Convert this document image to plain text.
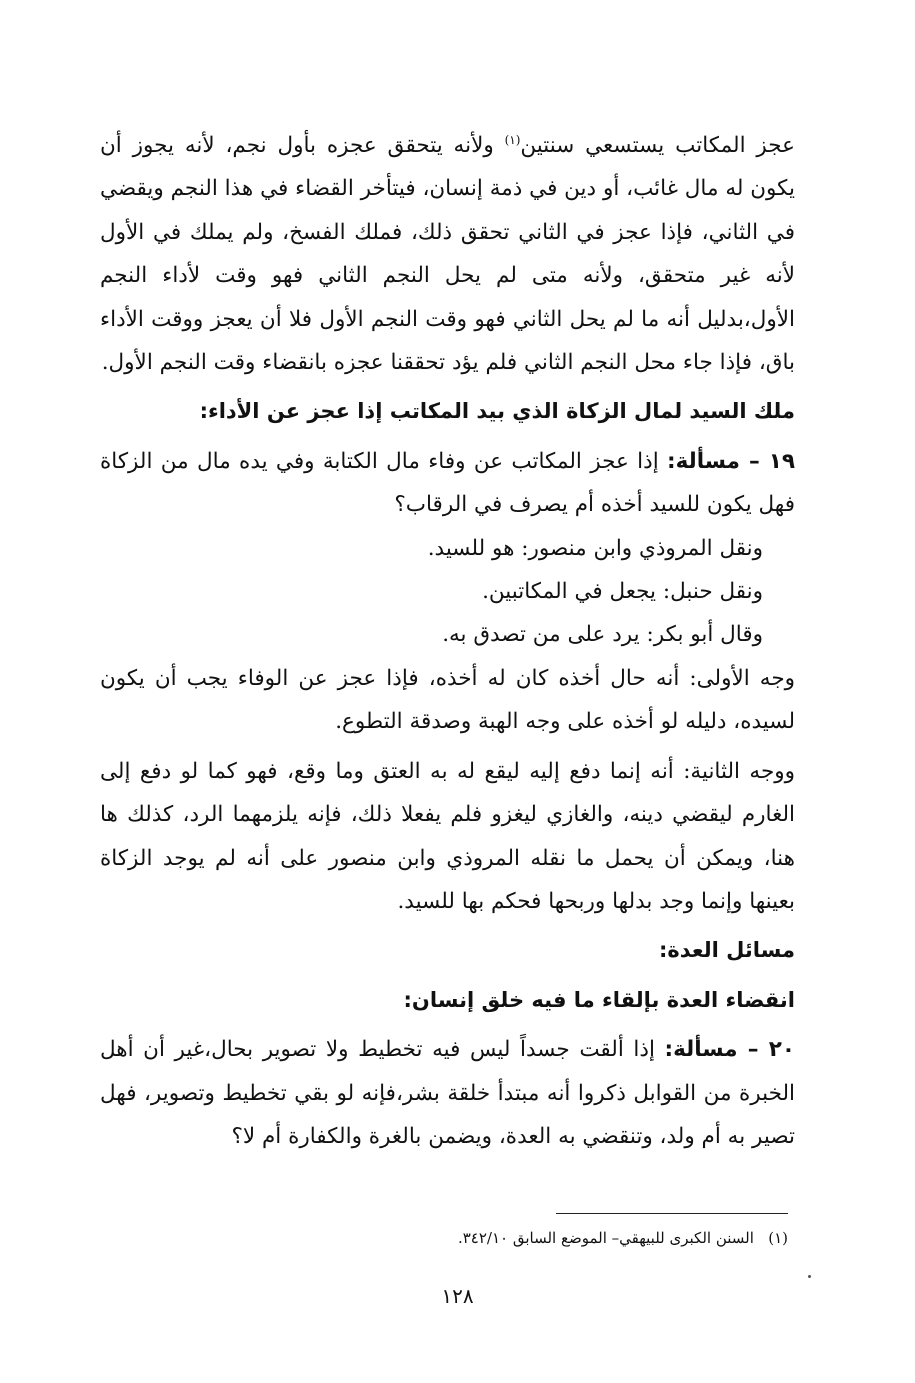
عجز المكاتب يستسعي سنتين$^{(١)}$ ولأنه يتحقق عجزه بأول نجم، لأنه يجوز أن يكون له مال غائب، أو دين في ذمة إنسان، فيتأخر القضاء في هذا النجم ويقضي في الثاني، فإذا عجز في الثاني تحقق ذلك، فملك الفسخ، ولم يملك في الأول لأنه غير متحقق، ولأنه متى لم يحل النجم الثاني فهو وقت لأداء النجم الأول،بدليل أنه ما لم يحل الثاني فهو وقت النجم الأول فلا أن يعجز ووقت الأداء باق، فإذا جاء محل النجم الثاني فلم يؤد تحققنا عجزه بانقضاء وقت النجم الأول.

ملك السيد لمال الزكاة الذي بيد المكاتب إذا عجز عن الأداء:

١٩ – مسألة: إذا عجز المكاتب عن وفاء مال الكتابة وفي يده مال من الزكاة فهل يكون للسيد أخذه أم يصرف في الرقاب؟

ونقل المروذي وابن منصور: هو للسيد.
ونقل حنبل: يجعل في المكاتبين.
وقال أبو بكر: يرد على من تصدق به.

وجه الأولى: أنه حال أخذه كان له أخذه، فإذا عجز عن الوفاء يجب أن يكون لسيده، دليله لو أخذه على وجه الهبة وصدقة التطوع.

ووجه الثانية: أنه إنما دفع إليه ليقع له به العتق وما وقع، فهو كما لو دفع إلى الغارم ليقضي دينه، والغازي ليغزو فلم يفعلا ذلك، فإنه يلزمهما الرد، كذلك ها هنا، ويمكن أن يحمل ما نقله المروذي وابن منصور على أنه لم يوجد الزكاة بعينها وإنما وجد بدلها وربحها فحكم بها للسيد.

مسائل العدة:
انقضاء العدة بإلقاء ما فيه خلق إنسان:

٢٠ – مسألة: إذا ألقت جسداً ليس فيه تخطيط ولا تصوير بحال،غير أن أهل الخبرة من القوابل ذكروا أنه مبتدأ خلقة بشر،فإنه لو بقي تخطيط وتصوير، فهل تصير به أم ولد، وتنقضي به العدة، ويضمن بالغرة والكفارة أم لا؟

(١)   السنن الكبرى للبيهقي– الموضع السابق ٣٤٢/١٠.
١٢٨
